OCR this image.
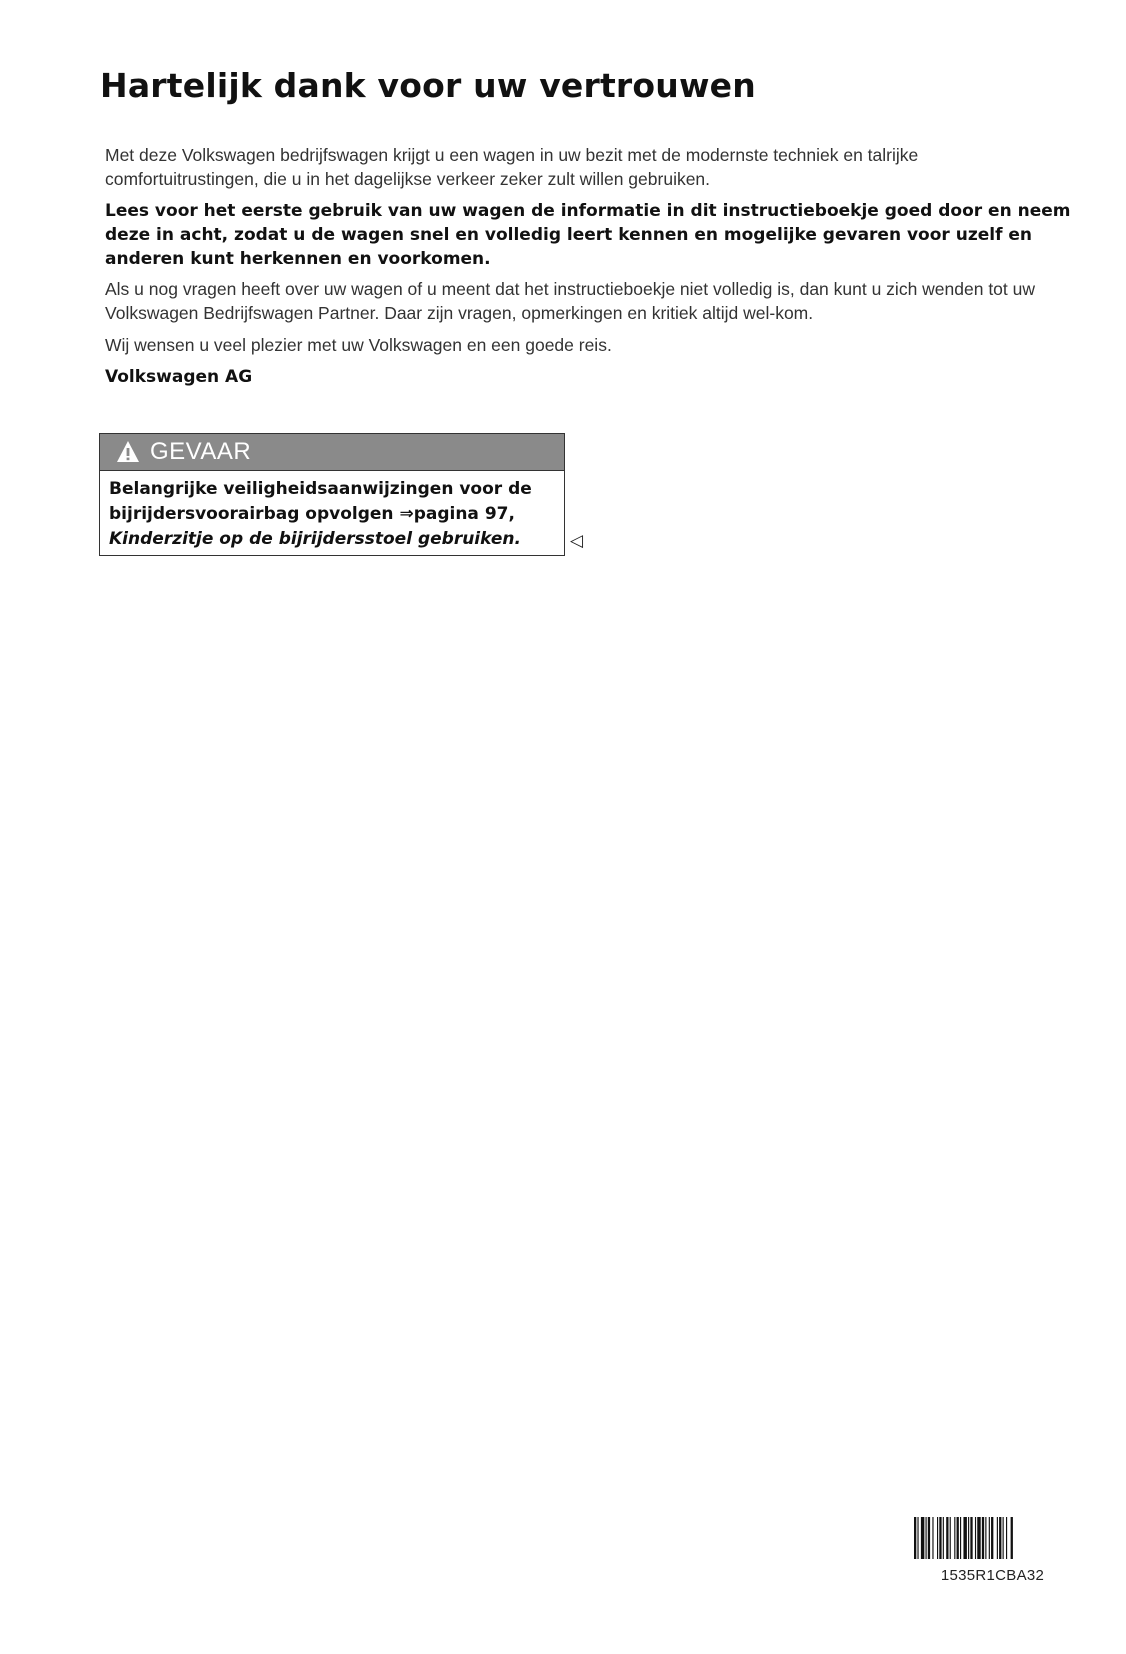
Hartelijk dank voor uw vertrouwen

Met deze Volkswagen bedrijfswagen krijgt u een wagen in uw bezit met de modernste techniek en talrijke comfortuitrustingen, die u in het dagelijkse verkeer zeker zult willen gebruiken.

Lees voor het eerste gebruik van uw wagen de informatie in dit instructieboekje goed door en neem deze in acht, zodat u de wagen snel en volledig leert kennen en mogelijke gevaren voor uzelf en anderen kunt herkennen en voorkomen.

Als u nog vragen heeft over uw wagen of u meent dat het instructieboekje niet volledig is, dan kunt u zich wenden tot uw Volkswagen Bedrijfswagen Partner. Daar zijn vragen, opmerkingen en kritiek altijd wel-kom.

Wij wensen u veel plezier met uw Volkswagen en een goede reis.

Volkswagen AG

GEVAAR
Belangrijke veiligheidsaanwijzingen voor de
bijrijdersvoorairbag opvolgen ⇒pagina 97,
Kinderzitje op de bijrijdersstoel gebruiken.	◁
1535R1CBA32
